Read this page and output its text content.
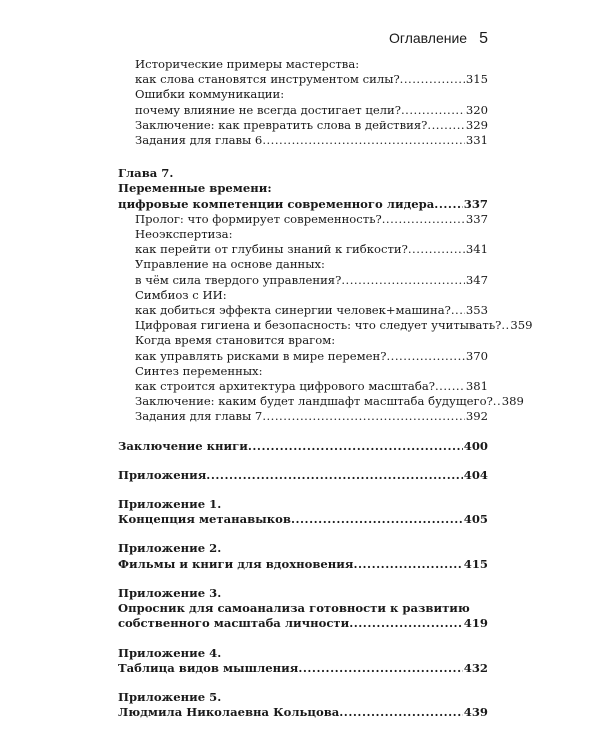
Оглавление 5
Исторические примеры мастерства:
как слова становятся инструментом силы? .....	315
Ошибки коммуникации:
почему влияние не всегда достигает цели? .....	320
Заключение: как превратить слова в действия? .....	329
Задания для главы 6 .....	331
Глава 7.
Переменные времени:
цифровые компетенции современного лидера .....	337
Пролог: что формирует современность? .....	337
Неоэкспертиза:
как перейти от глубины знаний к гибкости? .....	341
Управление на основе данных:
в чём сила твердого управления? .....	347
Симбиоз с ИИ:
как добиться эффекта синергии человек+машина? ..... 353
Цифровая гигиена и безопасность: что следует учитывать? ..... 359
Когда время становится врагом:
как управлять рисками в мире перемен? .....	370
Синтез переменных:
как строится архитектура цифрового масштаба? .....	381
Заключение: каким будет ландшафт масштаба будущего? ..... 389
Задания для главы 7 .....	392
Заключение книги .....	400
Приложения .....	404
Приложение 1.
Концепция метанавыков .....	405
Приложение 2.
Фильмы и книги для вдохновения .....	415
Приложение 3.
Опросник для самоанализа готовности к развитию
собственного масштаба личности .....	419
Приложение 4.
Таблица видов мышления .....	432
Приложение 5.
Людмила Николаевна Кольцова .....	439
